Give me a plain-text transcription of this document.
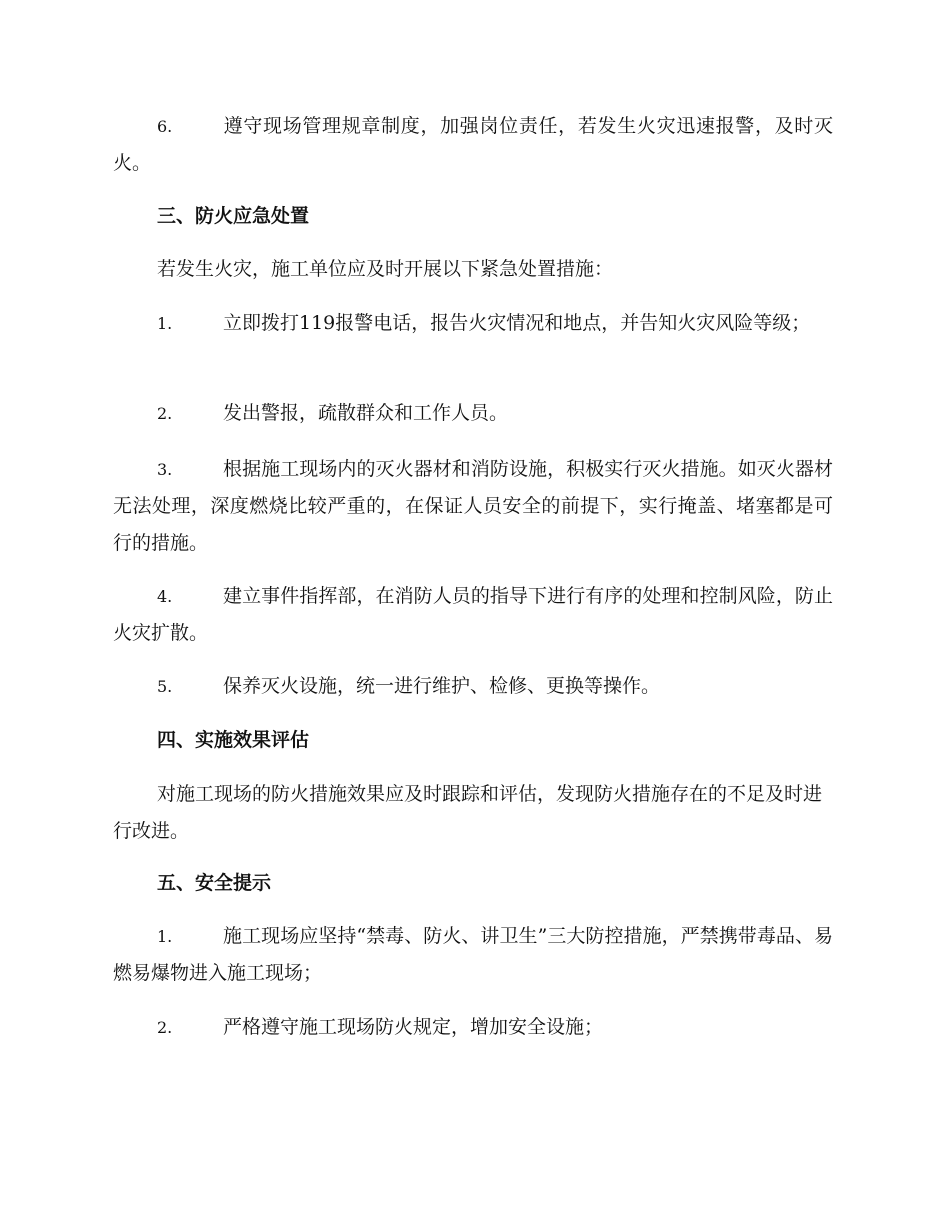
6.	遵守现场管理规章制度，加强岗位责任，若发生火灾迅速报警，及时灭火。
三、防火应急处置
若发生火灾，施工单位应及时开展以下紧急处置措施：
1.	立即拨打119报警电话，报告火灾情况和地点，并告知火灾风险等级；
2.	发出警报，疏散群众和工作人员。
3.	根据施工现场内的灭火器材和消防设施，积极实行灭火措施。如灭火器材无法处理，深度燃烧比较严重的，在保证人员安全的前提下，实行掩盖、堵塞都是可行的措施。
4.	建立事件指挥部，在消防人员的指导下进行有序的处理和控制风险，防止火灾扩散。
5.	保养灭火设施，统一进行维护、检修、更换等操作。
四、实施效果评估
对施工现场的防火措施效果应及时跟踪和评估，发现防火措施存在的不足及时进行改进。
五、安全提示
1.	施工现场应坚持“禁毒、防火、讲卫生”三大防控措施，严禁携带毒品、易燃易爆物进入施工现场；
2.	严格遵守施工现场防火规定，增加安全设施；
